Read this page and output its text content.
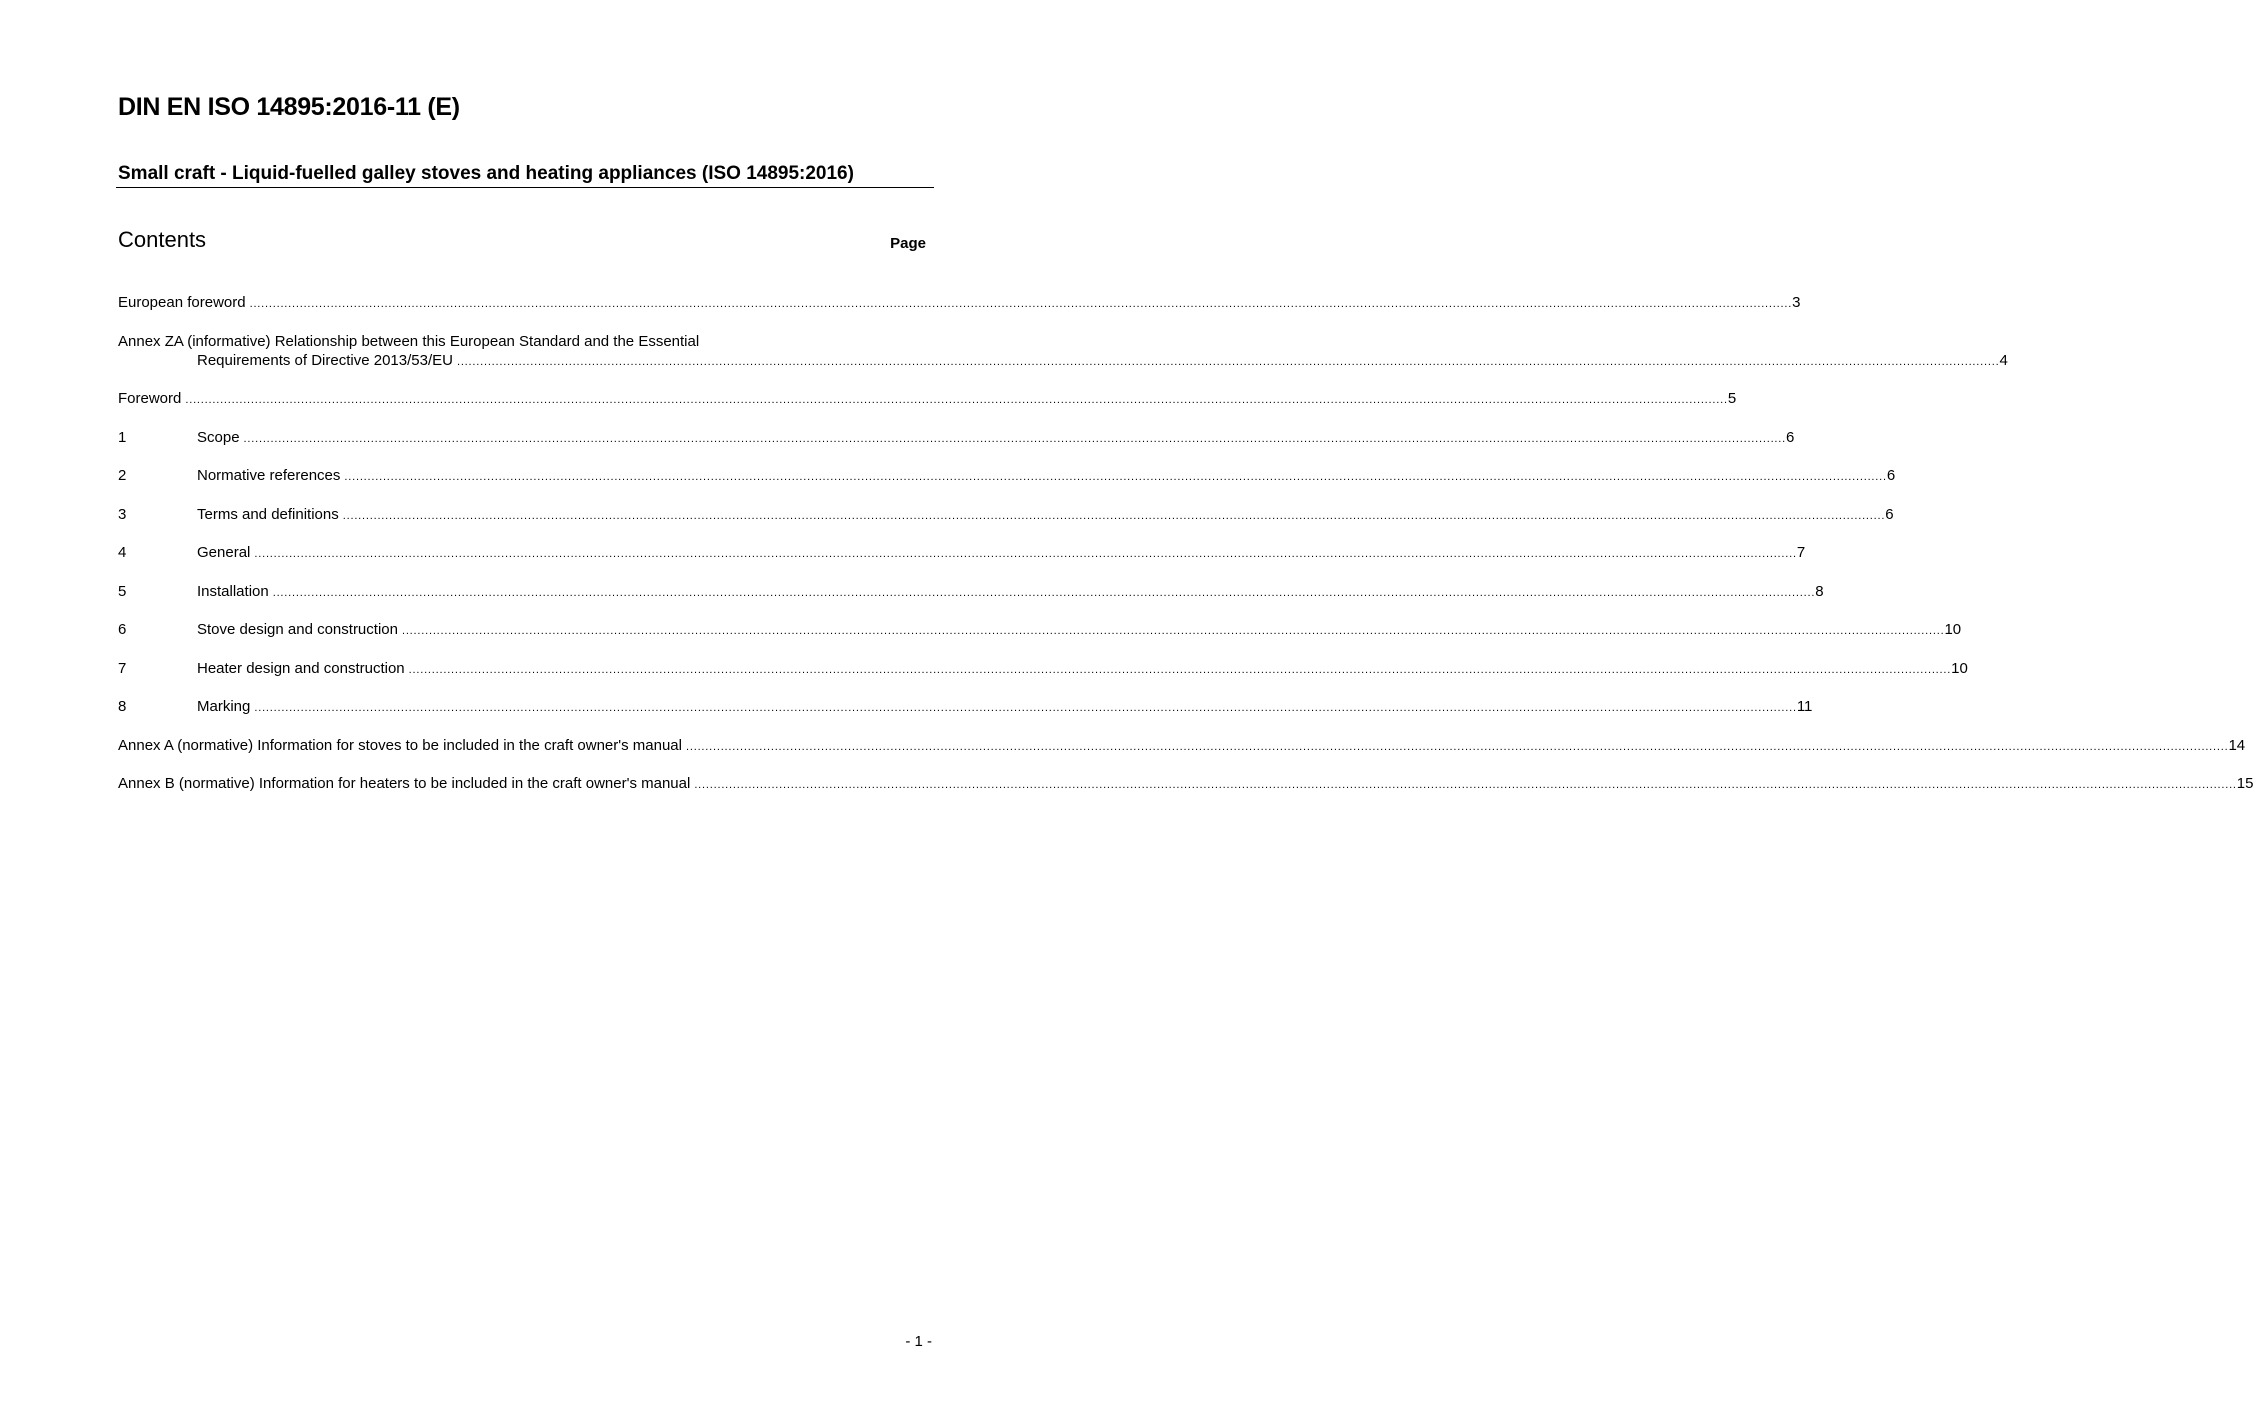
DIN EN ISO 14895:2016-11 (E)
Small craft - Liquid-fuelled galley stoves and heating appliances (ISO 14895:2016)
Contents	Page
European foreword ................................................................................................................................................................................................................................................................................................................................................................................................................ 3
Annex ZA (informative) Relationship between this European Standard and the Essential
Requirements of Directive 2013/53/EU ................................................................................................................................................................................................................................................................................................................................................................................................................ 4
Foreword ................................................................................................................................................................................................................................................................................................................................................................................................................ 5
1	Scope ................................................................................................................................................................................................................................................................................................................................................................................................................ 6
2	Normative references ................................................................................................................................................................................................................................................................................................................................................................................................................ 6
3	Terms and definitions ................................................................................................................................................................................................................................................................................................................................................................................................................ 6
4	General ................................................................................................................................................................................................................................................................................................................................................................................................................ 7
5	Installation ................................................................................................................................................................................................................................................................................................................................................................................................................ 8
6	Stove design and construction ................................................................................................................................................................................................................................................................................................................................................................................................................ 10
7	Heater design and construction ................................................................................................................................................................................................................................................................................................................................................................................................................ 10
8	Marking ................................................................................................................................................................................................................................................................................................................................................................................................................ 11
Annex A (normative) Information for stoves to be included in the craft owner's manual ................................................................................................................................................................................................................................................................................................................................................................................................................ 14
Annex B (normative) Information for heaters to be included in the craft owner's manual ................................................................................................................................................................................................................................................................................................................................................................................................................ 15
- 1 -
